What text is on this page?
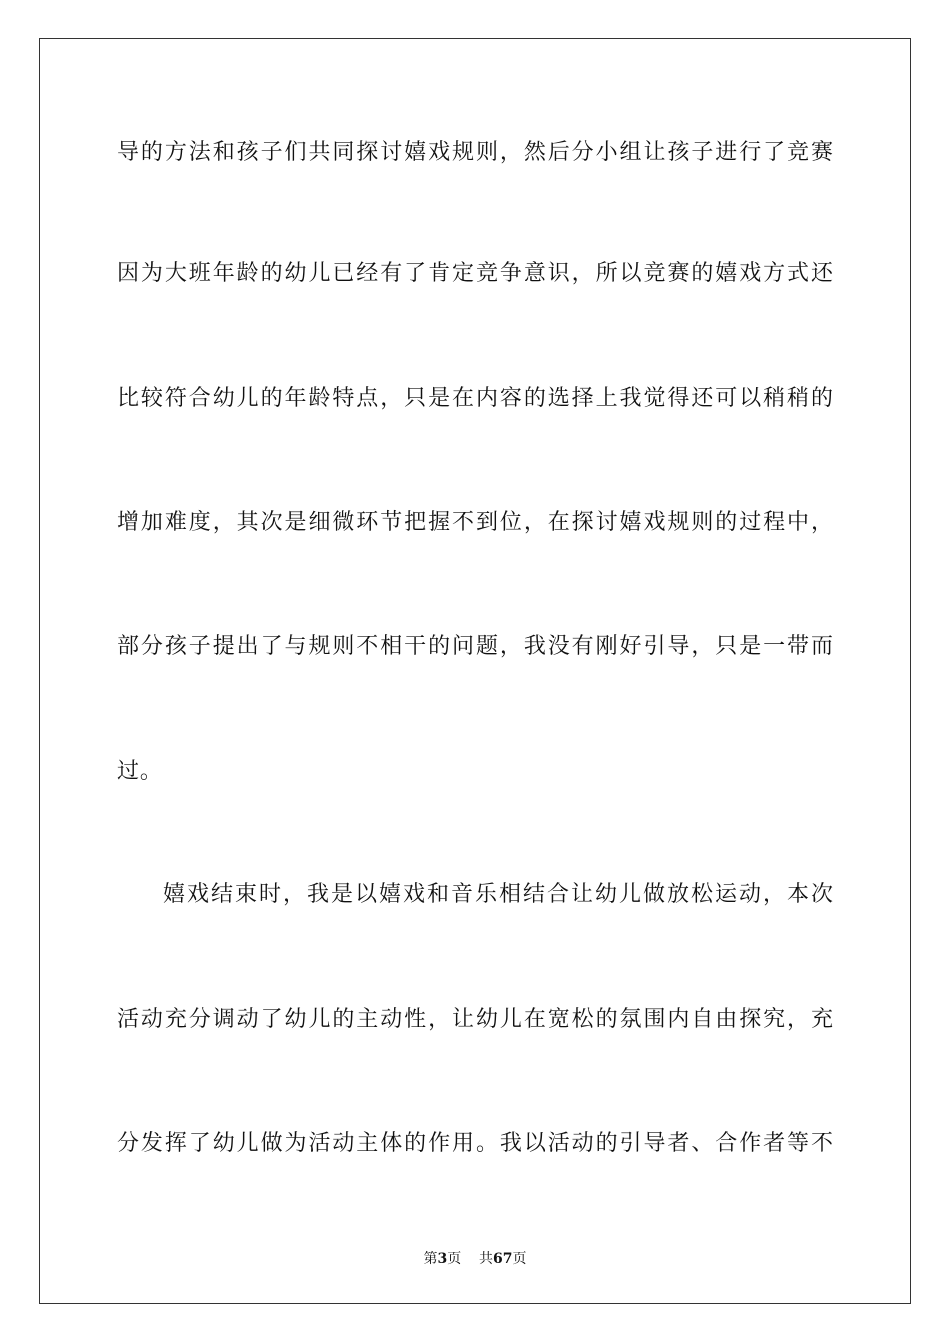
导的方法和孩子们共同探讨嬉戏规则，然后分小组让孩子进行了竞赛
因为大班年龄的幼儿已经有了肯定竞争意识，所以竞赛的嬉戏方式还
比较符合幼儿的年龄特点，只是在内容的选择上我觉得还可以稍稍的
增加难度，其次是细微环节把握不到位，在探讨嬉戏规则的过程中，
部分孩子提出了与规则不相干的问题，我没有刚好引导，只是一带而
过。
嬉戏结束时，我是以嬉戏和音乐相结合让幼儿做放松运动，本次
活动充分调动了幼儿的主动性，让幼儿在宽松的氛围内自由探究，充
分发挥了幼儿做为活动主体的作用。我以活动的引导者、合作者等不
第3页 共67页
